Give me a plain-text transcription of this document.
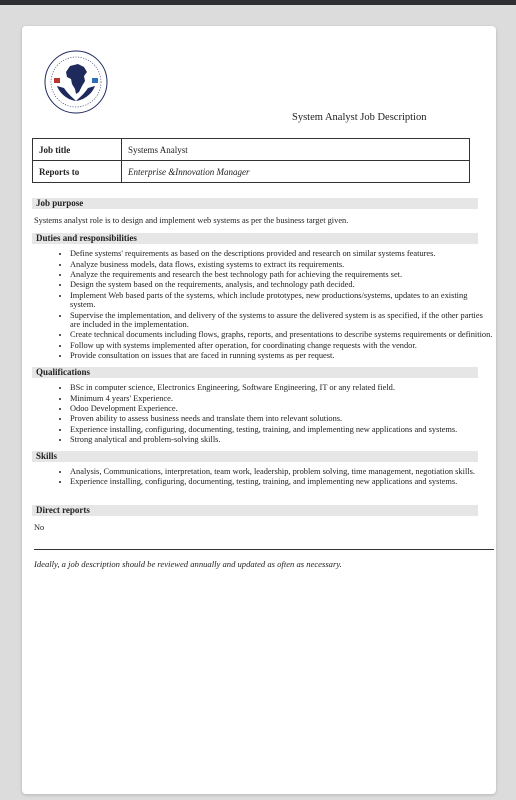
System Analyst Job Description
Job title	Systems Analyst
Reports to	Enterprise &Innovation Manager
Job purpose
Systems analyst role is to design and implement web systems as per the business target given.
Duties and responsibilities
• Define systems' requirements as based on the descriptions provided and research on similar systems features.
• Analyze business models, data flows, existing systems to extract its requirements.
• Analyze the requirements and research the best technology path for achieving the requirements set.
• Design the system based on the requirements, analysis, and technology path decided.
• Implement Web based parts of the systems, which include prototypes, new productions/systems, updates to an existing system.
• Supervise the implementation, and delivery of the systems to assure the delivered system is as specified, if the other parties are included in the implementation.
• Create technical documents including flows, graphs, reports, and presentations to describe systems requirements or definition.
• Follow up with systems implemented after operation, for coordinating change requests with the vendor.
• Provide consultation on issues that are faced in running systems as per request.
Qualifications
• BSc in computer science, Electronics Engineering, Software Engineering, IT or any related field.
• Minimum 4 years' Experience.
• Odoo Development Experience.
• Proven ability to assess business needs and translate them into relevant solutions.
• Experience installing, configuring, documenting, testing, training, and implementing new applications and systems.
• Strong analytical and problem-solving skills.
Skills
• Analysis, Communications, interpretation, team work, leadership, problem solving, time management, negotiation skills.
• Experience installing, configuring, documenting, testing, training, and implementing new applications and systems.
Direct reports
No
Ideally, a job description should be reviewed annually and updated as often as necessary.
